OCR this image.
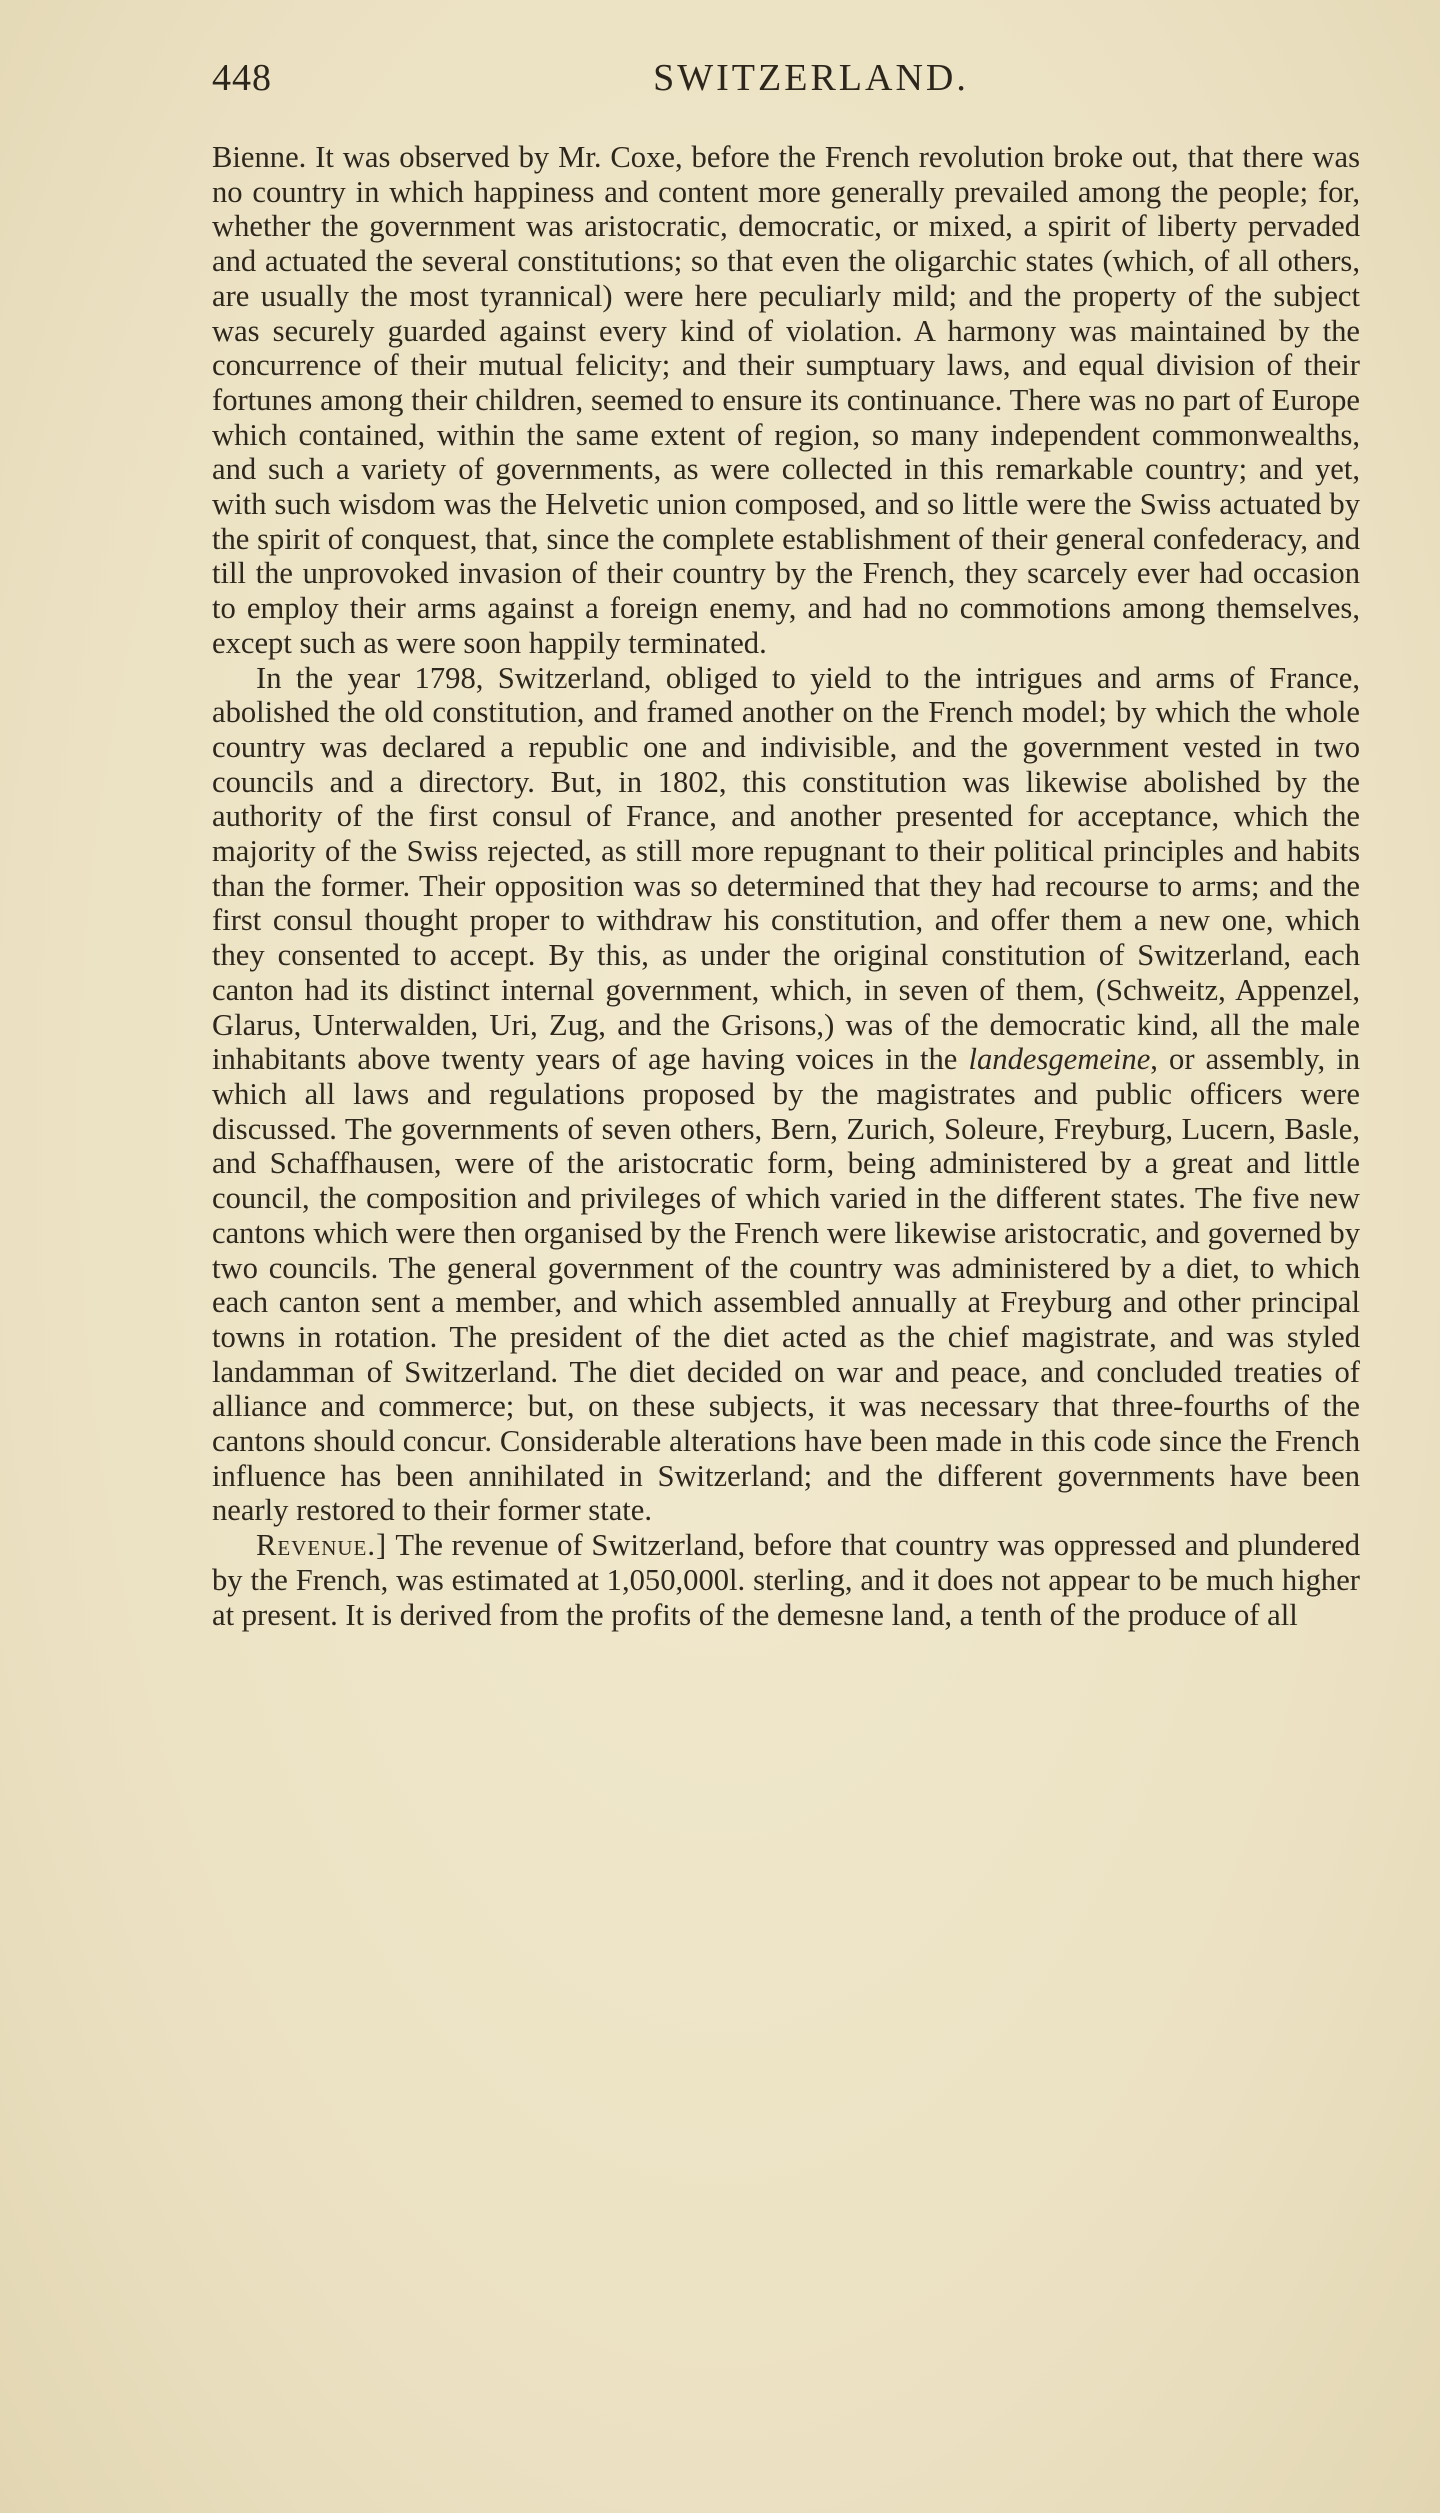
448	SWITZERLAND.

Bienne. It was observed by Mr. Coxe, before the French revolution broke out, that there was no country in which happiness and content more generally prevailed among the people; for, whether the government was aristocratic, democratic, or mixed, a spirit of liberty pervaded and actuated the several constitutions; so that even the oligarchic states (which, of all others, are usually the most tyrannical) were here peculiarly mild; and the property of the subject was securely guarded against every kind of violation. A harmony was maintained by the concurrence of their mutual felicity; and their sumptuary laws, and equal division of their fortunes among their children, seemed to ensure its continuance. There was no part of Europe which contained, within the same extent of region, so many independent commonwealths, and such a variety of governments, as were collected in this remarkable country; and yet, with such wisdom was the Helvetic union composed, and so little were the Swiss actuated by the spirit of conquest, that, since the complete establishment of their general confederacy, and till the unprovoked invasion of their country by the French, they scarcely ever had occasion to employ their arms against a foreign enemy, and had no commotions among themselves, except such as were soon happily terminated.

In the year 1798, Switzerland, obliged to yield to the intrigues and arms of France, abolished the old constitution, and framed another on the French model; by which the whole country was declared a republic one and indivisible, and the government vested in two councils and a directory. But, in 1802, this constitution was likewise abolished by the authority of the first consul of France, and another presented for acceptance, which the majority of the Swiss rejected, as still more repugnant to their political principles and habits than the former. Their opposition was so determined that they had recourse to arms; and the first consul thought proper to withdraw his constitution, and offer them a new one, which they consented to accept. By this, as under the original constitution of Switzerland, each canton had its distinct internal government, which, in seven of them, (Schweitz, Appenzel, Glarus, Unterwalden, Uri, Zug, and the Grisons,) was of the democratic kind, all the male inhabitants above twenty years of age having voices in the landesgemeine, or assembly, in which all laws and regulations proposed by the magistrates and public officers were discussed. The governments of seven others, Bern, Zurich, Soleure, Freyburg, Lucern, Basle, and Schaffhausen, were of the aristocratic form, being administered by a great and little council, the composition and privileges of which varied in the different states. The five new cantons which were then organised by the French were likewise aristocratic, and governed by two councils. The general government of the country was administered by a diet, to which each canton sent a member, and which assembled annually at Freyburg and other principal towns in rotation. The president of the diet acted as the chief magistrate, and was styled landamman of Switzerland. The diet decided on war and peace, and concluded treaties of alliance and commerce; but, on these subjects, it was necessary that three-fourths of the cantons should concur. Considerable alterations have been made in this code since the French influence has been annihilated in Switzerland; and the different governments have been nearly restored to their former state.

Revenue.] The revenue of Switzerland, before that country was oppressed and plundered by the French, was estimated at 1,050,000l. sterling, and it does not appear to be much higher at present. It is derived from the profits of the demesne land, a tenth of the produce of all
